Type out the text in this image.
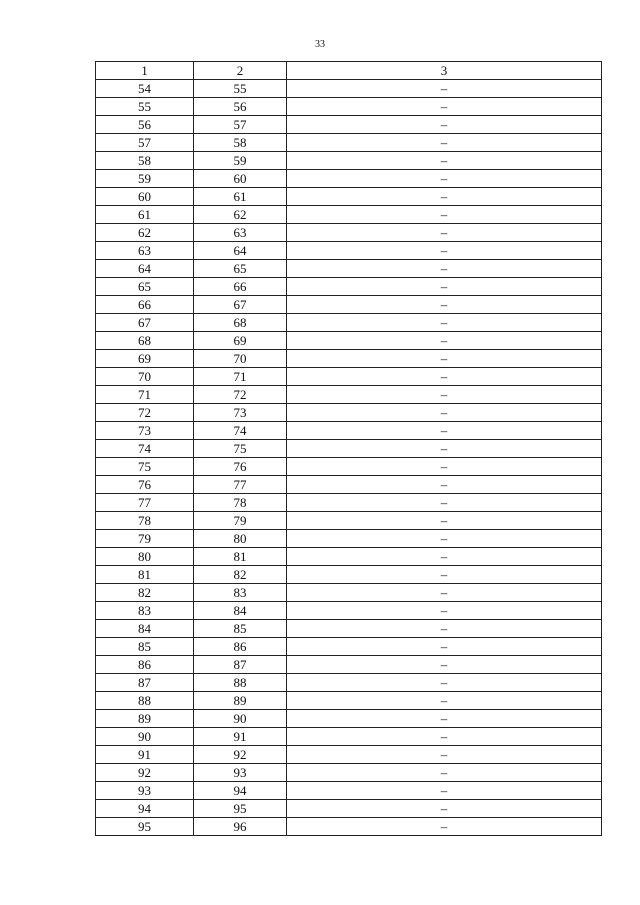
33
1	2	3
54	55	–
55	56	–
56	57	–
57	58	–
58	59	–
59	60	–
60	61	–
61	62	–
62	63	–
63	64	–
64	65	–
65	66	–
66	67	–
67	68	–
68	69	–
69	70	–
70	71	–
71	72	–
72	73	–
73	74	–
74	75	–
75	76	–
76	77	–
77	78	–
78	79	–
79	80	–
80	81	–
81	82	–
82	83	–
83	84	–
84	85	–
85	86	–
86	87	–
87	88	–
88	89	–
89	90	–
90	91	–
91	92	–
92	93	–
93	94	–
94	95	–
95	96	–
